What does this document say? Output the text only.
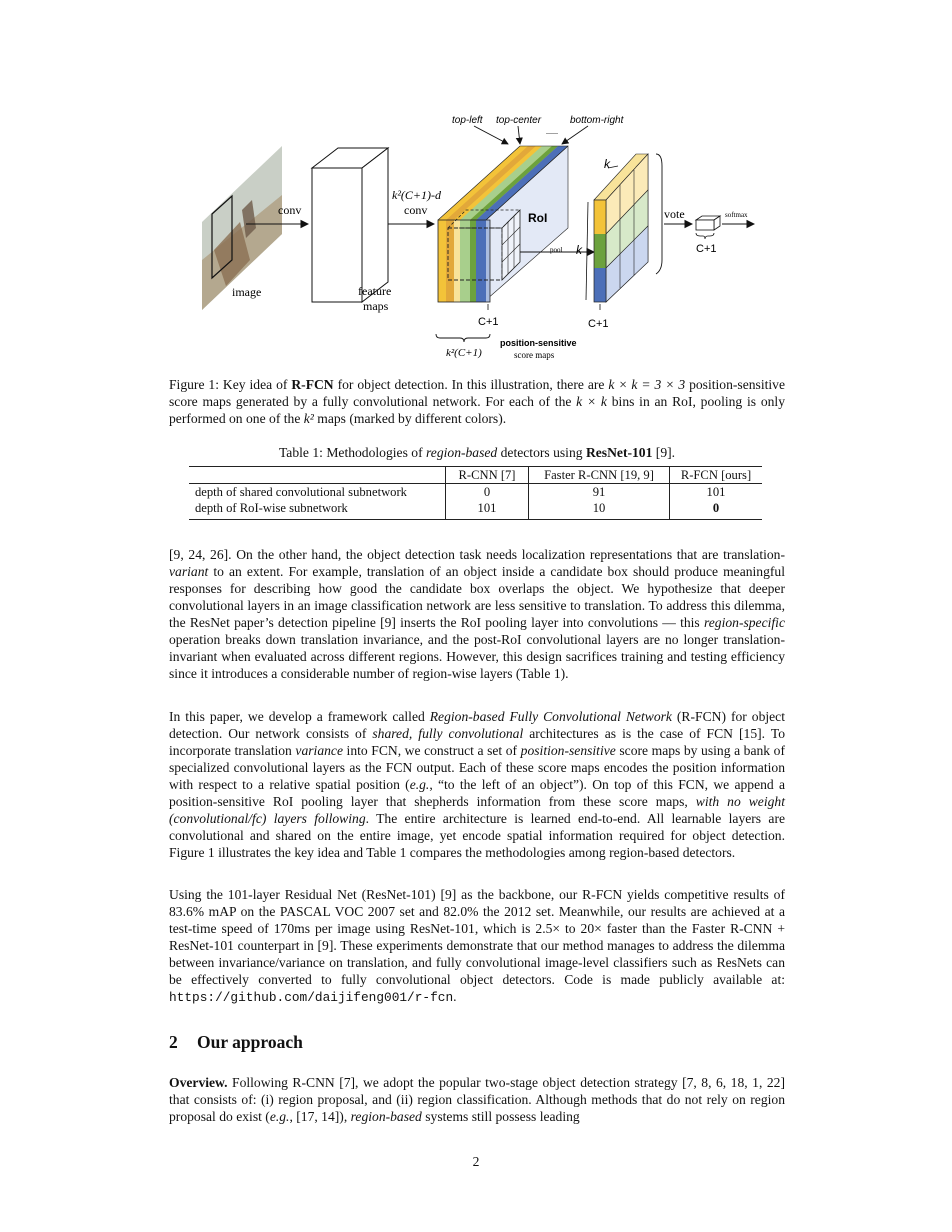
image
conv
feature
maps
k²(C+1)-d
conv
RoI
top-left top-center	bottom-right
......
pool k
k
C+1	C+1
k²(C+1)
position-sensitive
score maps
vote
C+1
softmax
Figure 1: Key idea of R-FCN for object detection. In this illustration, there are k × k = 3 × 3 position-sensitive score maps generated by a fully convolutional network. For each of the k × k bins in an RoI, pooling is only performed on one of the k² maps (marked by different colors).
Table 1: Methodologies of region-based detectors using ResNet-101 [9].
	R-CNN [7]	Faster R-CNN [19, 9]	R-FCN [ours]
depth of shared convolutional subnetwork	0	91	101
depth of RoI-wise subnetwork	101	10	0

[9, 24, 26]. On the other hand, the object detection task needs localization representations that are translation-variant to an extent. For example, translation of an object inside a candidate box should produce meaningful responses for describing how good the candidate box overlaps the object. We hypothesize that deeper convolutional layers in an image classification network are less sensitive to translation. To address this dilemma, the ResNet paper’s detection pipeline [9] inserts the RoI pooling layer into convolutions — this region-specific operation breaks down translation invariance, and the post-RoI convolutional layers are no longer translation-invariant when evaluated across different regions. However, this design sacrifices training and testing efficiency since it introduces a considerable number of region-wise layers (Table 1).

In this paper, we develop a framework called Region-based Fully Convolutional Network (R-FCN) for object detection. Our network consists of shared, fully convolutional architectures as is the case of FCN [15]. To incorporate translation variance into FCN, we construct a set of position-sensitive score maps by using a bank of specialized convolutional layers as the FCN output. Each of these score maps encodes the position information with respect to a relative spatial position (e.g., “to the left of an object”). On top of this FCN, we append a position-sensitive RoI pooling layer that shepherds information from these score maps, with no weight (convolutional/fc) layers following. The entire architecture is learned end-to-end. All learnable layers are convolutional and shared on the entire image, yet encode spatial information required for object detection. Figure 1 illustrates the key idea and Table 1 compares the methodologies among region-based detectors.

Using the 101-layer Residual Net (ResNet-101) [9] as the backbone, our R-FCN yields competitive results of 83.6% mAP on the PASCAL VOC 2007 set and 82.0% the 2012 set. Meanwhile, our results are achieved at a test-time speed of 170ms per image using ResNet-101, which is 2.5× to 20× faster than the Faster R-CNN + ResNet-101 counterpart in [9]. These experiments demonstrate that our method manages to address the dilemma between invariance/variance on translation, and fully convolutional image-level classifiers such as ResNets can be effectively converted to fully convolutional object detectors. Code is made publicly available at: https://github.com/daijifeng001/r-fcn.

2 Our approach

Overview. Following R-CNN [7], we adopt the popular two-stage object detection strategy [7, 8, 6, 18, 1, 22] that consists of: (i) region proposal, and (ii) region classification. Although methods that do not rely on region proposal do exist (e.g., [17, 14]), region-based systems still possess leading

2
